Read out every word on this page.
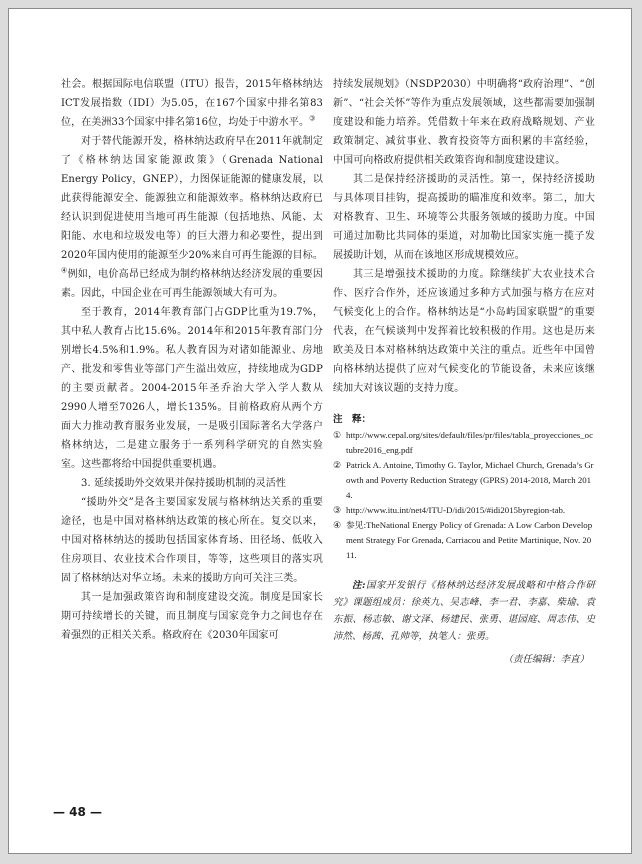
社会。根据国际电信联盟（ITU）报告，2015年格林纳达ICT发展指数（IDI）为5.05，在167个国家中排名第83位，在美洲33个国家中排名第16位，均处于中游水平。③

对于替代能源开发，格林纳达政府早在2011年就制定了《格林纳达国家能源政策》（Grenada National Energy Policy，GNEP），力图保证能源的健康发展，以此获得能源安全、能源独立和能源效率。格林纳达政府已经认识到促进使用当地可再生能源（包括地热、风能、太阳能、水电和垃圾发电等）的巨大潜力和必要性，提出到2020年国内使用的能源至少20%来自可再生能源的目标。④例如，电价高昂已经成为制约格林纳达经济发展的重要因素。因此，中国企业在可再生能源领域大有可为。

至于教育，2014年教育部门占GDP比重为19.7%，其中私人教育占比15.6%。2014年和2015年教育部门分别增长4.5%和1.9%。私人教育因为对诸如能源业、房地产、批发和零售业等部门产生溢出效应，持续地成为GDP的主要贡献者。2004-2015年圣乔治大学入学人数从2990人增至7026人，增长135%。目前格政府从两个方面大力推动教育服务业发展，一是吸引国际著名大学落户格林纳达，二是建立服务于一系列科学研究的自然实验室。这些都将给中国提供重要机遇。

3. 延续援助外交效果并保持援助机制的灵活性

“援助外交”是各主要国家发展与格林纳达关系的重要途径，也是中国对格林纳达政策的核心所在。复交以来，中国对格林纳达的援助包括国家体育场、田径场、低收入住房项目、农业技术合作项目，等等，这些项目的落实巩固了格林纳达对华立场。未来的援助方向可关注三类。

其一是加强政策咨询和制度建设交流。制度是国家长期可持续增长的关键，而且制度与国家竞争力之间也存在着强烈的正相关关系。格政府在《2030年国家可

持续发展规划》（NSDP2030）中明确将“政府治理”、“创新”、“社会关怀”等作为重点发展领域，这些都需要加强制度建设和能力培养。凭借数十年来在政府战略规划、产业政策制定、减贫事业、教育投资等方面积累的丰富经验，中国可向格政府提供相关政策咨询和制度建设建议。

其二是保持经济援助的灵活性。第一，保持经济援助与具体项目挂钩，提高援助的瞄准度和效率。第二，加大对格教育、卫生、环境等公共服务领域的援助力度。中国可通过加勒比共同体的渠道，对加勒比国家实施一揽子发展援助计划，从而在该地区形成规模效应。

其三是增强技术援助的力度。除继续扩大农业技术合作、医疗合作外，还应该通过多种方式加强与格方在应对气候变化上的合作。格林纳达是“小岛屿国家联盟”的重要代表，在气候谈判中发挥着比较积极的作用。这也是历来欧美及日本对格林纳达政策中关注的重点。近些年中国曾向格林纳达提供了应对气候变化的节能设备，未来应该继续加大对该议题的支持力度。

注　释：
① http://www.cepal.org/sites/default/files/pr/files/tabla_proyecciones_octubre2016_eng.pdf
② Patrick A. Antoine, Timothy G. Taylor, Michael Church, Grenada’s Growth and Poverty Reduction Strategy (GPRS) 2014-2018, March 2014.
③ http://www.itu.int/net4/ITU-D/idi/2015/#idi2015byregion-tab.
④ 参见:TheNational Energy Policy of Grenada: A Low Carbon Development Strategy For Grenada, Carriacou and Petite Martinique, Nov. 2011.
注:国家开发银行《格林纳达经济发展战略和中格合作研究》课题组成员：徐英九、吴志峰、李一君、李嘉、柴瑜、袁东振、杨志敏、谢文泽、杨建民、张勇、谌园庭、周志伟、史沛然、杨茜、孔帅等，执笔人：张勇。
（责任编辑：李直）
— 48 —
